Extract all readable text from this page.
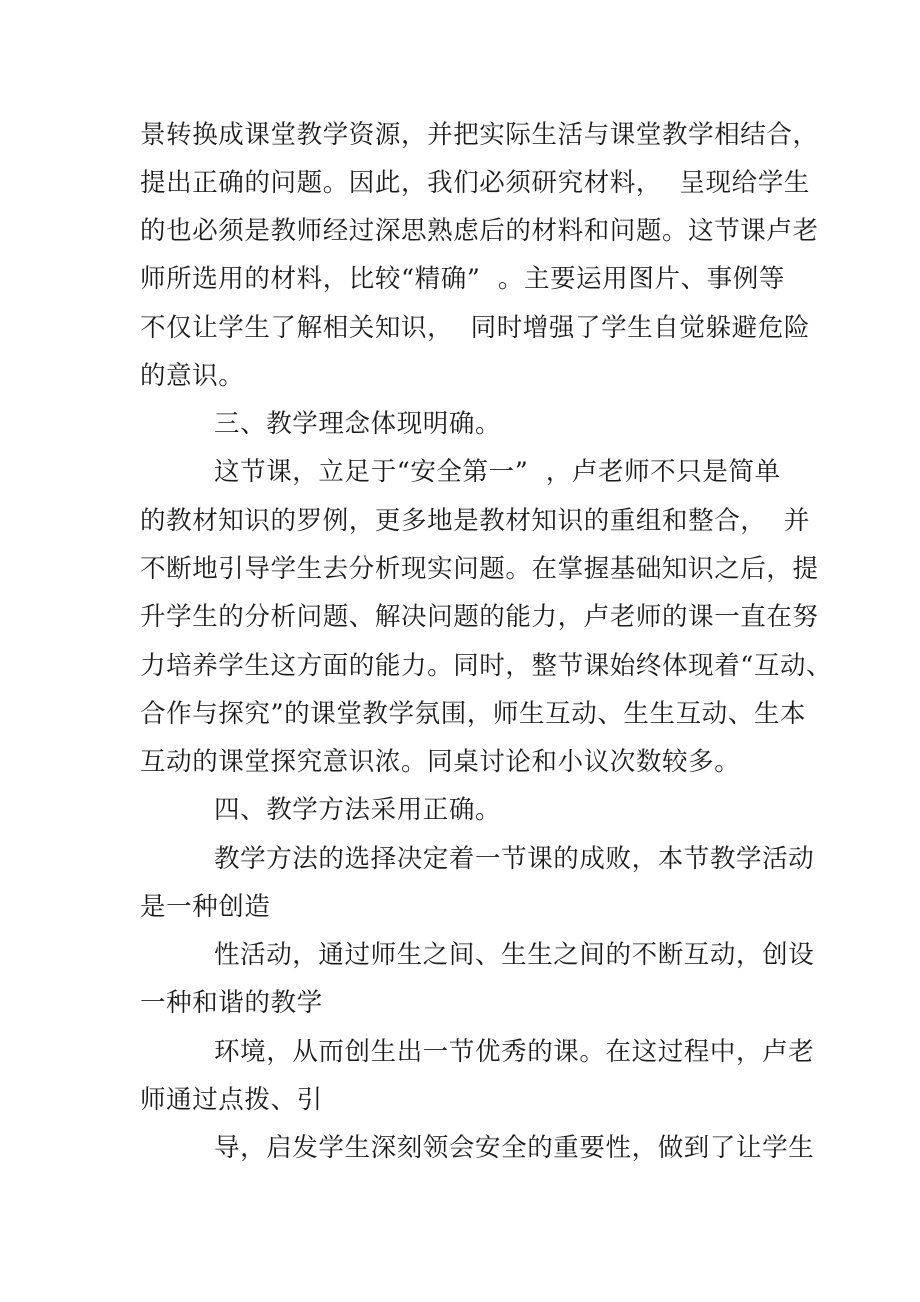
景转换成课堂教学资源，并把实际生活与课堂教学相结合，
提出正确的问题。因此，我们必须研究材料，  呈现给学生
的也必须是教师经过深思熟虑后的材料和问题。这节课卢老
师所选用的材料，比较“精确”  。主要运用图片、事例等
不仅让学生了解相关知识，  同时增强了学生自觉躲避危险
的意识。
三、教学理念体现明确。
这节课，立足于“安全第一”  ，卢老师不只是简单
的教材知识的罗例，更多地是教材知识的重组和整合，  并
不断地引导学生去分析现实问题。在掌握基础知识之后，提
升学生的分析问题、解决问题的能力，卢老师的课一直在努
力培养学生这方面的能力。同时，整节课始终体现着“互动、
合作与探究”的课堂教学氛围，师生互动、生生互动、生本
互动的课堂探究意识浓。同桌讨论和小议次数较多。
四、教学方法采用正确。
教学方法的选择决定着一节课的成败，本节教学活动
是一种创造
性活动，通过师生之间、生生之间的不断互动，创设
一种和谐的教学
环境，从而创生出一节优秀的课。在这过程中，卢老
师通过点拨、引
导，启发学生深刻领会安全的重要性，做到了让学生
